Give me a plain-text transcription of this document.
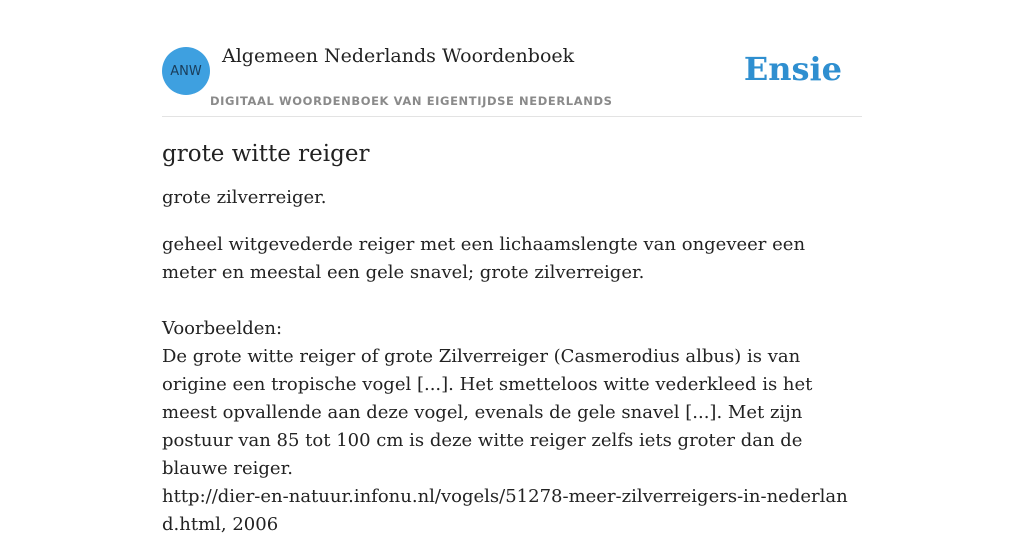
ANW
Algemeen Nederlands Woordenboek
DIGITAAL WOORDENBOEK VAN EIGENTIJDSE NEDERLANDS
Ensie
grote witte reiger

grote zilverreiger.

geheel witgevederde reiger met een lichaamslengte van ongeveer een meter en meestal een gele snavel; grote zilverreiger.
Voorbeelden:
De grote witte reiger of grote Zilverreiger (Casmerodius albus) is van origine een tropische vogel [...]. Het smetteloos witte vederkleed is het meest opvallende aan deze vogel, evenals de gele snavel [...]. Met zijn postuur van 85 tot 100 cm is deze witte reiger zelfs iets groter dan de blauwe reiger.
http://dier-en-natuur.infonu.nl/vogels/51278-meer-zilverreigers-in-nederland.html, 2006
